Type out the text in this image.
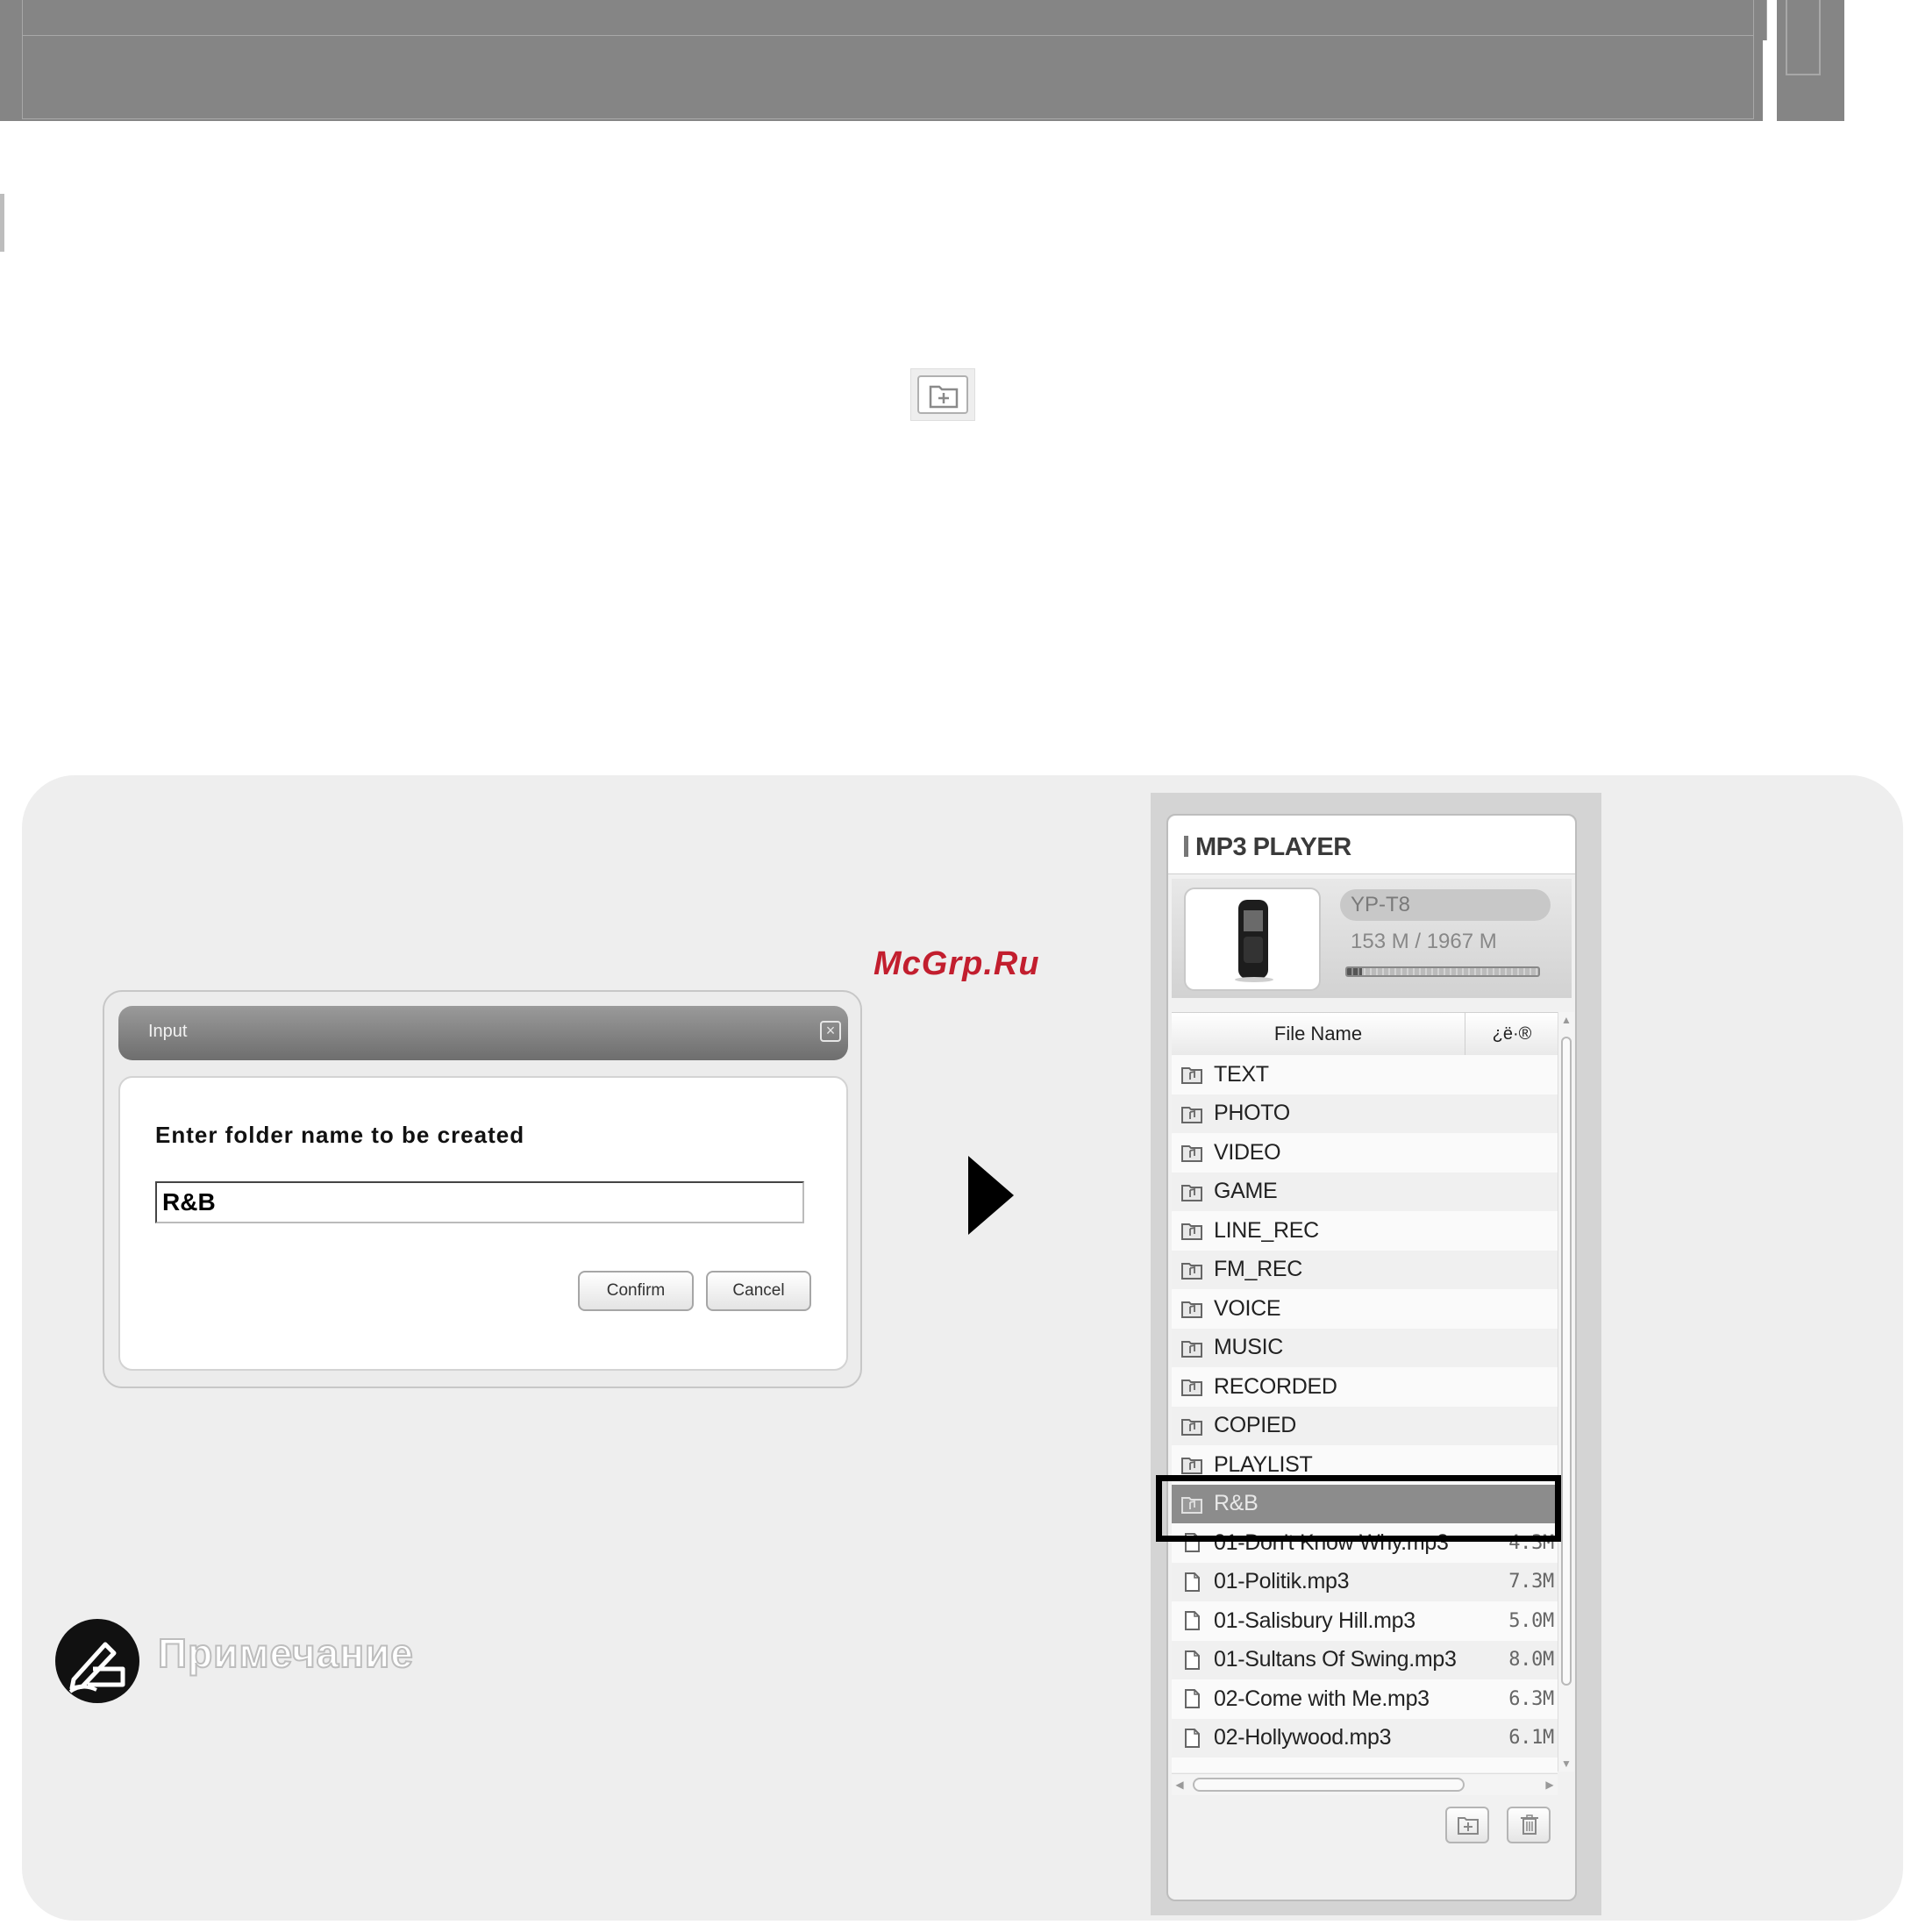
Input	×
Enter folder name to be created
R&B
Confirm	Cancel
McGrp.Ru
Примечание
MP3 PLAYER
YP-T8
153 M / 1967 M
File Name	¿ë·®
TEXT
PHOTO
VIDEO
GAME
LINE_REC
FM_REC
VOICE
MUSIC
RECORDED
COPIED
PLAYLIST
R&B
01-Don't Know Why.mp3	4.3M
01-Politik.mp3	7.3M
01-Salisbury Hill.mp3	5.0M
01-Sultans Of Swing.mp3	8.0M
02-Come with Me.mp3	6.3M
02-Hollywood.mp3	6.1M
▲
▼
◀	▶
